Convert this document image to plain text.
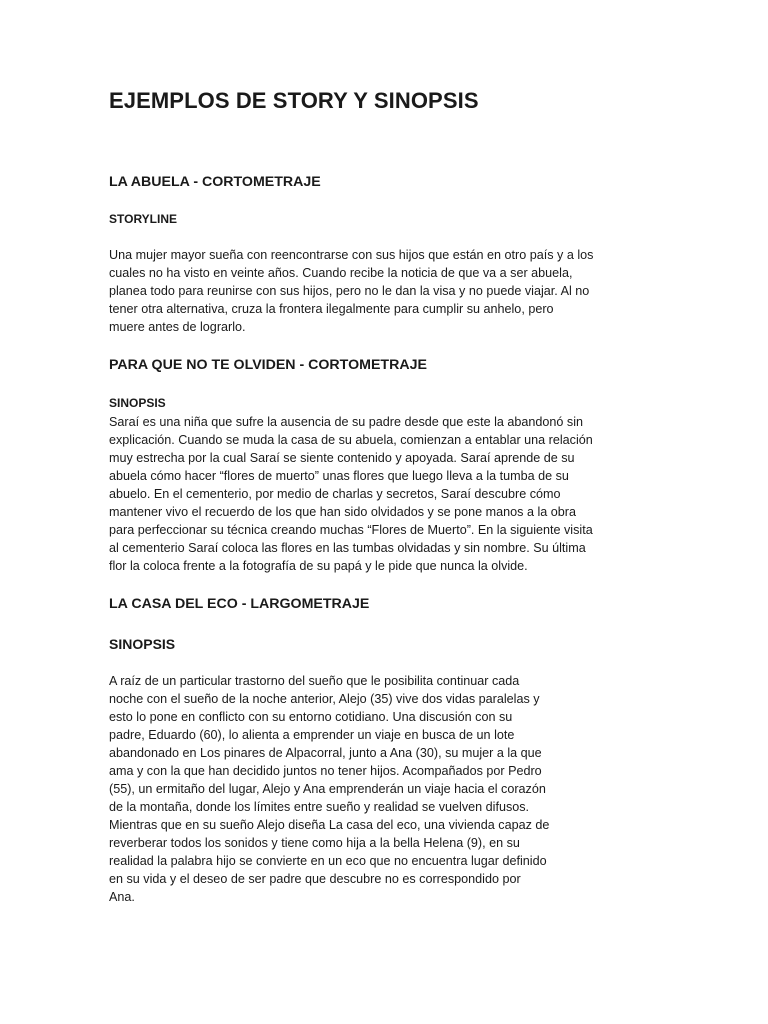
EJEMPLOS DE STORY Y SINOPSIS
LA ABUELA - CORTOMETRAJE
STORYLINE
Una mujer mayor sueña con reencontrarse con sus hijos que están en otro país y a los
cuales no ha visto en veinte años. Cuando recibe la noticia de que va a ser abuela,
planea todo para reunirse con sus hijos, pero no le dan la visa y no puede viajar. Al no
tener otra alternativa, cruza la frontera ilegalmente para cumplir su anhelo, pero
muere antes de lograrlo.
PARA QUE NO TE OLVIDEN - CORTOMETRAJE
SINOPSIS
Saraí es una niña que sufre la ausencia de su padre desde que este la abandonó sin
explicación. Cuando se muda la casa de su abuela, comienzan a entablar una relación
muy estrecha por la cual Saraí se siente contenido y apoyada. Saraí aprende de su
abuela cómo hacer “flores de muerto” unas flores que luego lleva a la tumba de su
abuelo. En el cementerio, por medio de charlas y secretos, Saraí descubre cómo
mantener vivo el recuerdo de los que han sido olvidados y se pone manos a la obra
para perfeccionar su técnica creando muchas “Flores de Muerto”. En la siguiente visita
al cementerio Saraí coloca las flores en las tumbas olvidadas y sin nombre. Su última
flor la coloca frente a la fotografía de su papá y le pide que nunca la olvide.
LA CASA DEL ECO - LARGOMETRAJE
SINOPSIS
A raíz de un particular trastorno del sueño que le posibilita continuar cada
noche con el sueño de la noche anterior, Alejo (35) vive dos vidas paralelas y
esto lo pone en conflicto con su entorno cotidiano. Una discusión con su
padre, Eduardo (60), lo alienta a emprender un viaje en busca de un lote
abandonado en Los pinares de Alpacorral, junto a Ana (30), su mujer a la que
ama y con la que han decidido juntos no tener hijos. Acompañados por Pedro
(55), un ermitaño del lugar, Alejo y Ana emprenderán un viaje hacia el corazón
de la montaña, donde los límites entre sueño y realidad se vuelven difusos.
Mientras que en su sueño Alejo diseña La casa del eco, una vivienda capaz de
reverberar todos los sonidos y tiene como hija a la bella Helena (9), en su
realidad la palabra hijo se convierte en un eco que no encuentra lugar definido
en su vida y el deseo de ser padre que descubre no es correspondido por
Ana.
